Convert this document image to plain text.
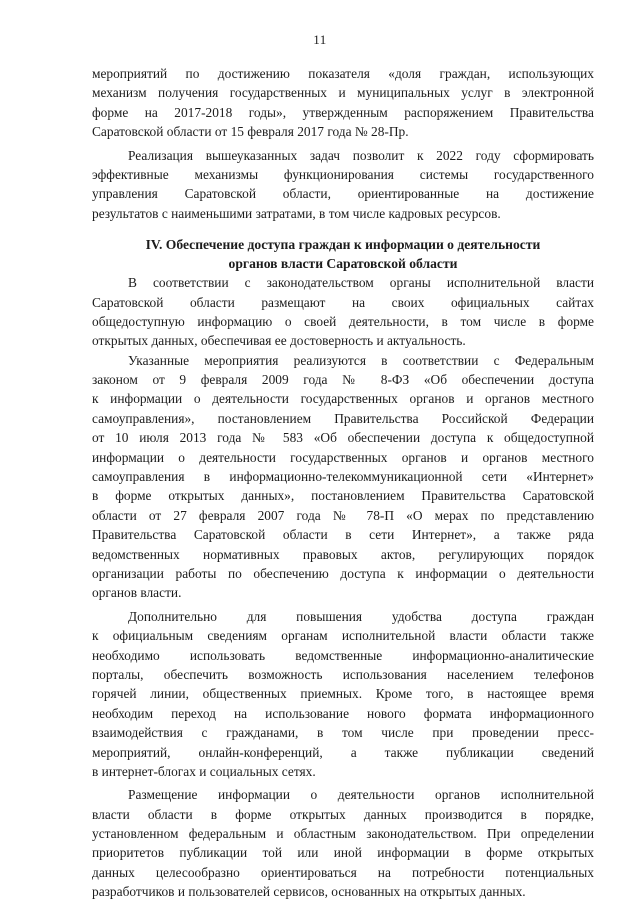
11

мероприятий по достижению показателя «доля граждан, использующих
механизм получения государственных и муниципальных услуг в электронной
форме на 2017-2018 годы», утвержденным распоряжением Правительства
Саратовской области от 15 февраля 2017 года № 28-Пр.

Реализация вышеуказанных задач позволит к 2022 году сформировать
эффективные механизмы функционирования системы государственного
управления Саратовской области, ориентированные на достижение
результатов с наименьшими затратами, в том числе кадровых ресурсов.

IV. Обеспечение доступа граждан к информации о деятельности
органов власти Саратовской области

В соответствии с законодательством органы исполнительной власти
Саратовской области размещают на своих официальных сайтах
общедоступную информацию о своей деятельности, в том числе в форме
открытых данных, обеспечивая ее достоверность и актуальность.

Указанные мероприятия реализуются в соответствии с Федеральным
законом от 9 февраля 2009 года № 8-ФЗ «Об обеспечении доступа
к информации о деятельности государственных органов и органов местного
самоуправления», постановлением Правительства Российской Федерации
от 10 июля 2013 года № 583 «Об обеспечении доступа к общедоступной
информации о деятельности государственных органов и органов местного
самоуправления в информационно-телекоммуникационной сети «Интернет»
в форме открытых данных», постановлением Правительства Саратовской
области от 27 февраля 2007 года № 78-П «О мерах по представлению
Правительства Саратовской области в сети Интернет», а также ряда
ведомственных нормативных правовых актов, регулирующих порядок
организации работы по обеспечению доступа к информации о деятельности
органов власти.

Дополнительно для повышения удобства доступа граждан
к официальным сведениям органам исполнительной власти области также
необходимо использовать ведомственные информационно-аналитические
порталы, обеспечить возможность использования населением телефонов
горячей линии, общественных приемных. Кроме того, в настоящее время
необходим переход на использование нового формата информационного
взаимодействия с гражданами, в том числе при проведении пресс-
мероприятий, онлайн-конференций, а также публикации сведений
в интернет-блогах и социальных сетях.

Размещение информации о деятельности органов исполнительной
власти области в форме открытых данных производится в порядке,
установленном федеральным и областным законодательством. При определении
приоритетов публикации той или иной информации в форме открытых
данных целесообразно ориентироваться на потребности потенциальных
разработчиков и пользователей сервисов, основанных на открытых данных.
